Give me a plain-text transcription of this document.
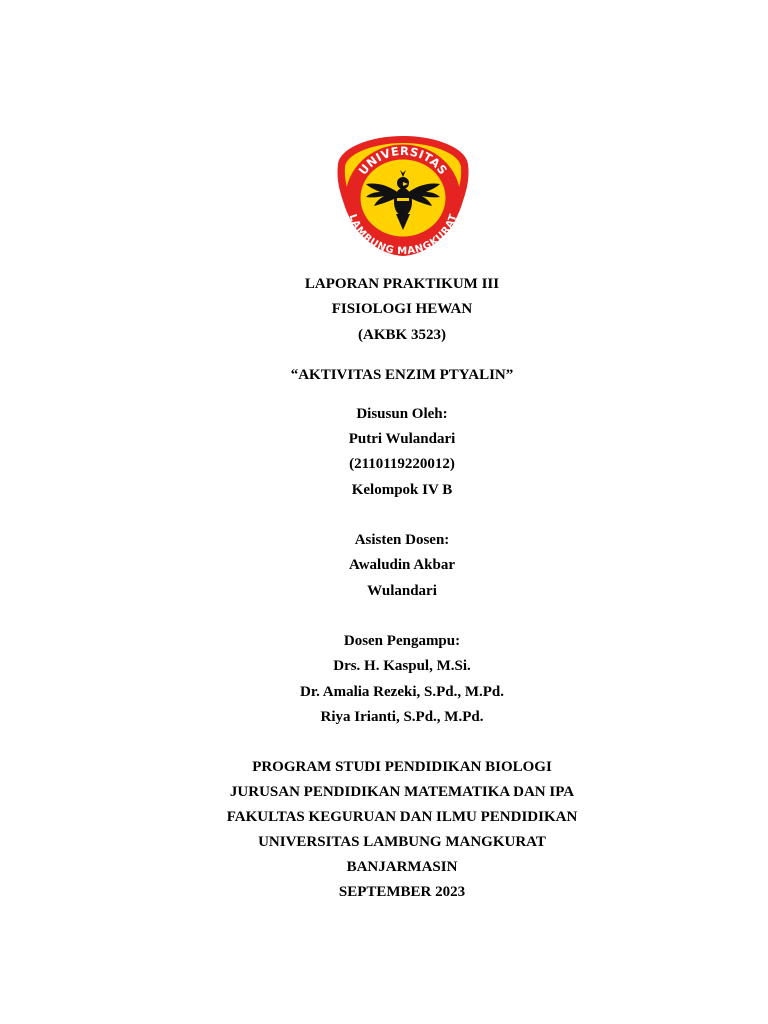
UNIVERSITAS
LAMBUNG MANGKURAT
LAPORAN PRAKTIKUM III
FISIOLOGI HEWAN
(AKBK 3523)
“AKTIVITAS ENZIM PTYALIN”
Disusun Oleh:
Putri Wulandari
(2110119220012)
Kelompok IV B
Asisten Dosen:
Awaludin Akbar
Wulandari
Dosen Pengampu:
Drs. H. Kaspul, M.Si.
Dr. Amalia Rezeki, S.Pd., M.Pd.
Riya Irianti, S.Pd., M.Pd.
PROGRAM STUDI PENDIDIKAN BIOLOGI
JURUSAN PENDIDIKAN MATEMATIKA DAN IPA
FAKULTAS KEGURUAN DAN ILMU PENDIDIKAN
UNIVERSITAS LAMBUNG MANGKURAT
BANJARMASIN
SEPTEMBER 2023
